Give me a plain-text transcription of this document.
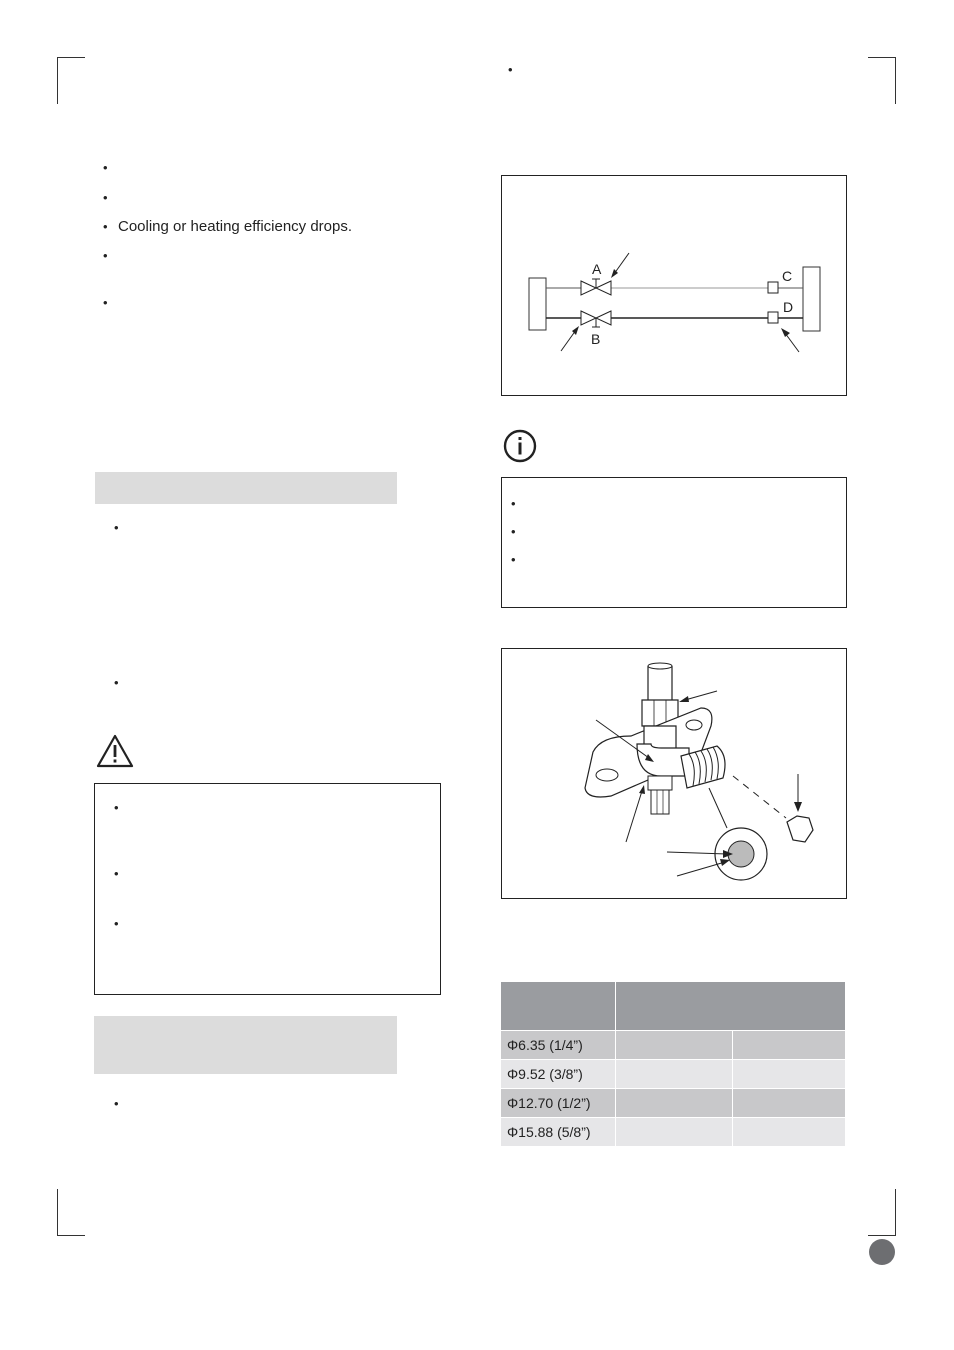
•
•
• Cooling or heating efficiency drops.
•
•
•
•
•
•
•
•
•
A
B
C
D
•
•
•

Φ6.35 (1/4”)		
Φ9.52 (3/8”)		
Φ12.70 (1/2”)		
Φ15.88 (5/8”)		
